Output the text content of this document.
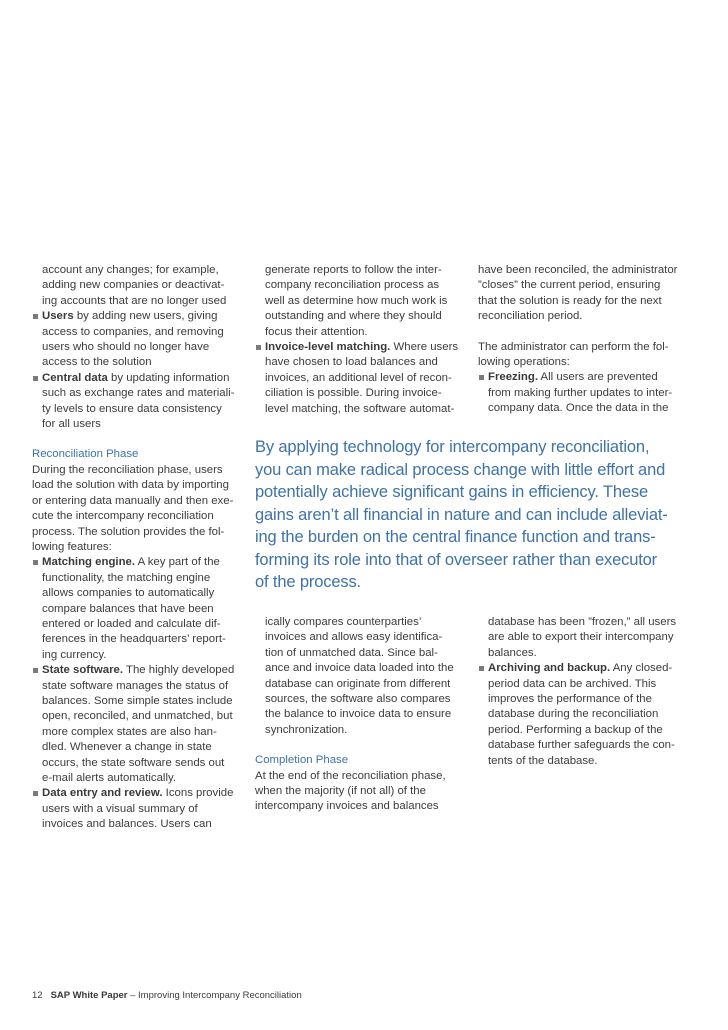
account any changes; for example,
adding new companies or deactivat-
ing accounts that are no longer used
Users by adding new users, giving
access to companies, and removing
users who should no longer have
access to the solution
Central data by updating information
such as exchange rates and materiali-
ty levels to ensure data consistency
for all users
Reconciliation Phase
During the reconciliation phase, users
load the solution with data by importing
or entering data manually and then exe-
cute the intercompany reconciliation
process. The solution provides the fol-
lowing features:
Matching engine. A key part of the
functionality, the matching engine
allows companies to automatically
compare balances that have been
entered or loaded and calculate dif-
ferences in the headquarters’ report-
ing currency.
State software. The highly developed
state software manages the status of
balances. Some simple states include
open, reconciled, and unmatched, but
more complex states are also han-
dled. Whenever a change in state
occurs, the state software sends out
e-mail alerts automatically.
Data entry and review. Icons provide
users with a visual summary of
invoices and balances. Users can
generate reports to follow the inter-
company reconciliation process as
well as determine how much work is
outstanding and where they should
focus their attention.
Invoice-level matching. Where users
have chosen to load balances and
invoices, an additional level of recon-
ciliation is possible. During invoice-
level matching, the software automat-
have been reconciled, the administrator
”closes” the current period, ensuring
that the solution is ready for the next
reconciliation period.
The administrator can perform the fol-
lowing operations:
Freezing. All users are prevented
from making further updates to inter-
company data. Once the data in the
By applying technology for intercompany reconciliation,
you can make radical process change with little effort and
potentially achieve significant gains in efficiency. These
gains aren’t all financial in nature and can include alleviat-
ing the burden on the central finance function and trans-
forming its role into that of overseer rather than executor
of the process.
ically compares counterparties’
invoices and allows easy identifica-
tion of unmatched data. Since bal-
ance and invoice data loaded into the
database can originate from different
sources, the software also compares
the balance to invoice data to ensure
synchronization.
Completion Phase
At the end of the reconciliation phase,
when the majority (if not all) of the
intercompany invoices and balances
database has been ”frozen,” all users
are able to export their intercompany
balances.
Archiving and backup. Any closed-
period data can be archived. This
improves the performance of the
database during the reconciliation
period. Performing a backup of the
database further safeguards the con-
tents of the database.
12 SAP White Paper – Improving Intercompany Reconciliation
